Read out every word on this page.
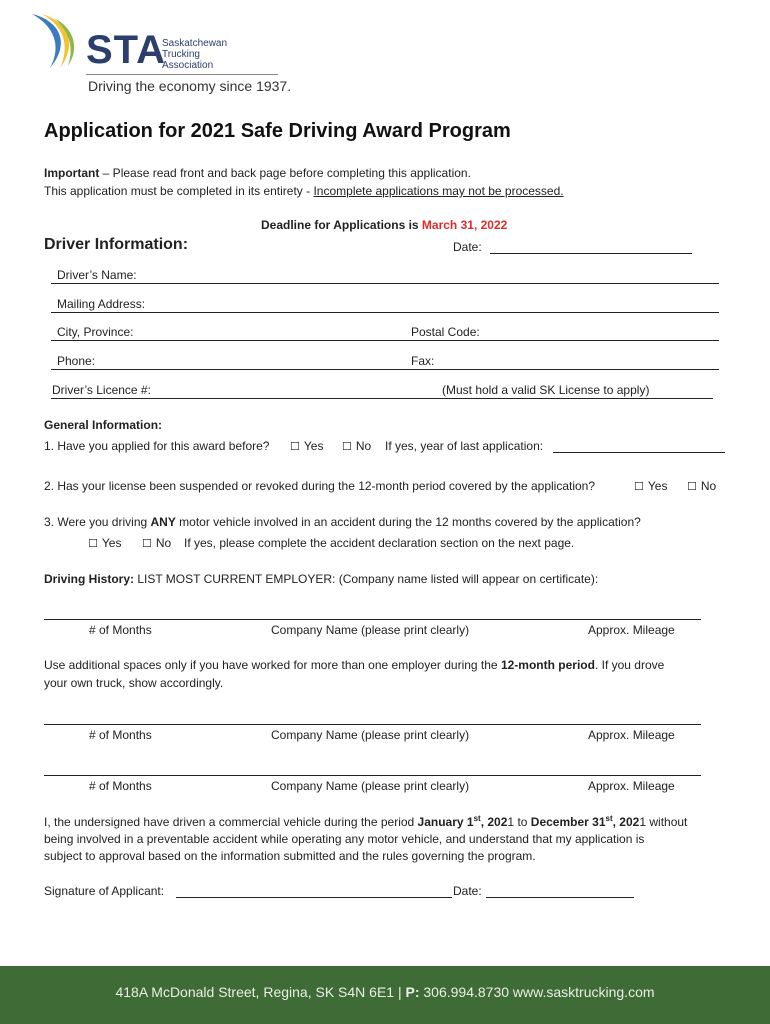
STA
Saskatchewan
Trucking
Association
Driving the economy since 1937.
Application for 2021 Safe Driving Award Program
Important – Please read front and back page before completing this application.
This application must be completed in its entirety - Incomplete applications may not be processed.
Deadline for Applications is March 31, 2022
Driver Information:	Date:
Driver’s Name:
Mailing Address:
City, Province:	Postal Code:
Phone:	Fax:
Driver’s Licence #:	(Must hold a valid SK License to apply)
General Information:
1. Have you applied for this award before? ☐ Yes ☐ No If yes, year of last application:
2. Has your license been suspended or revoked during the 12-month period covered by the application?	☐ Yes ☐ No
3. Were you driving ANY motor vehicle involved in an accident during the 12 months covered by the application?
☐ Yes ☐ No If yes, please complete the accident declaration section on the next page.
Driving History: LIST MOST CURRENT EMPLOYER: (Company name listed will appear on certificate):
# of Months	Company Name (please print clearly)	Approx. Mileage
Use additional spaces only if you have worked for more than one employer during the 12-month period. If you drove
your own truck, show accordingly.
# of Months	Company Name (please print clearly)	Approx. Mileage
# of Months	Company Name (please print clearly)	Approx. Mileage
I, the undersigned have driven a commercial vehicle during the period January 1st, 2021 to December 31st, 2021 without
being involved in a preventable accident while operating any motor vehicle, and understand that my application is
subject to approval based on the information submitted and the rules governing the program.
Signature of Applicant:	Date:
418A McDonald Street, Regina, SK S4N 6E1 | P: 306.994.8730 www.sasktrucking.com
